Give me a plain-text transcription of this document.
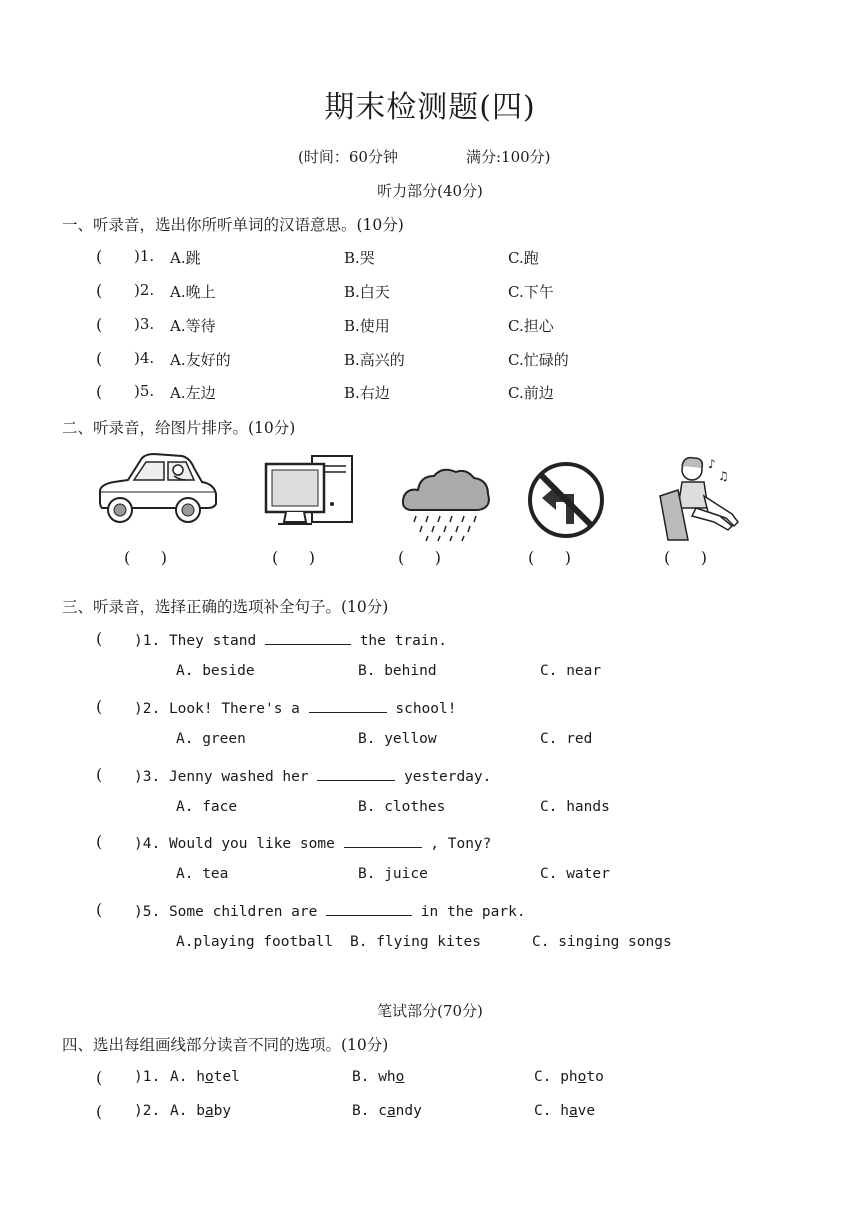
期末检测题(四)
(时间：60分钟	满分:100分)
听力部分(40分)
一、听录音，选出你所听单词的汉语意思。(10分)
( )1. A.跳	B.哭	C.跑
( )2. A.晚上	B.白天	C.下午
( )3. A.等待	B.使用	C.担心
( )4. A.友好的	B.高兴的	C.忙碌的
( )5. A.左边	B.右边	C.前边
二、听录音，给图片排序。(10分)
♪
♫
(      )	(      )	(      )	(      )	(      )
三、听录音，选择正确的选项补全句子。(10分)
( )1. They stand	the train.
A. beside	B. behind	C. near
( )2. Look! There's a	school!
A. green	B. yellow	C. red
( )3. Jenny washed her	yesterday.
A. face	B. clothes	C. hands
( )4. Would you like some	, Tony?
A. tea	B. juice	C. water
( )5. Some children are	in the park.
A.playing football B. flying kites	C. singing songs
笔试部分(70分)
四、选出每组画线部分读音不同的选项。(10分)
( )1. A. hotel	B. who	C. photo
( )2. A. baby	B. candy	C. have
